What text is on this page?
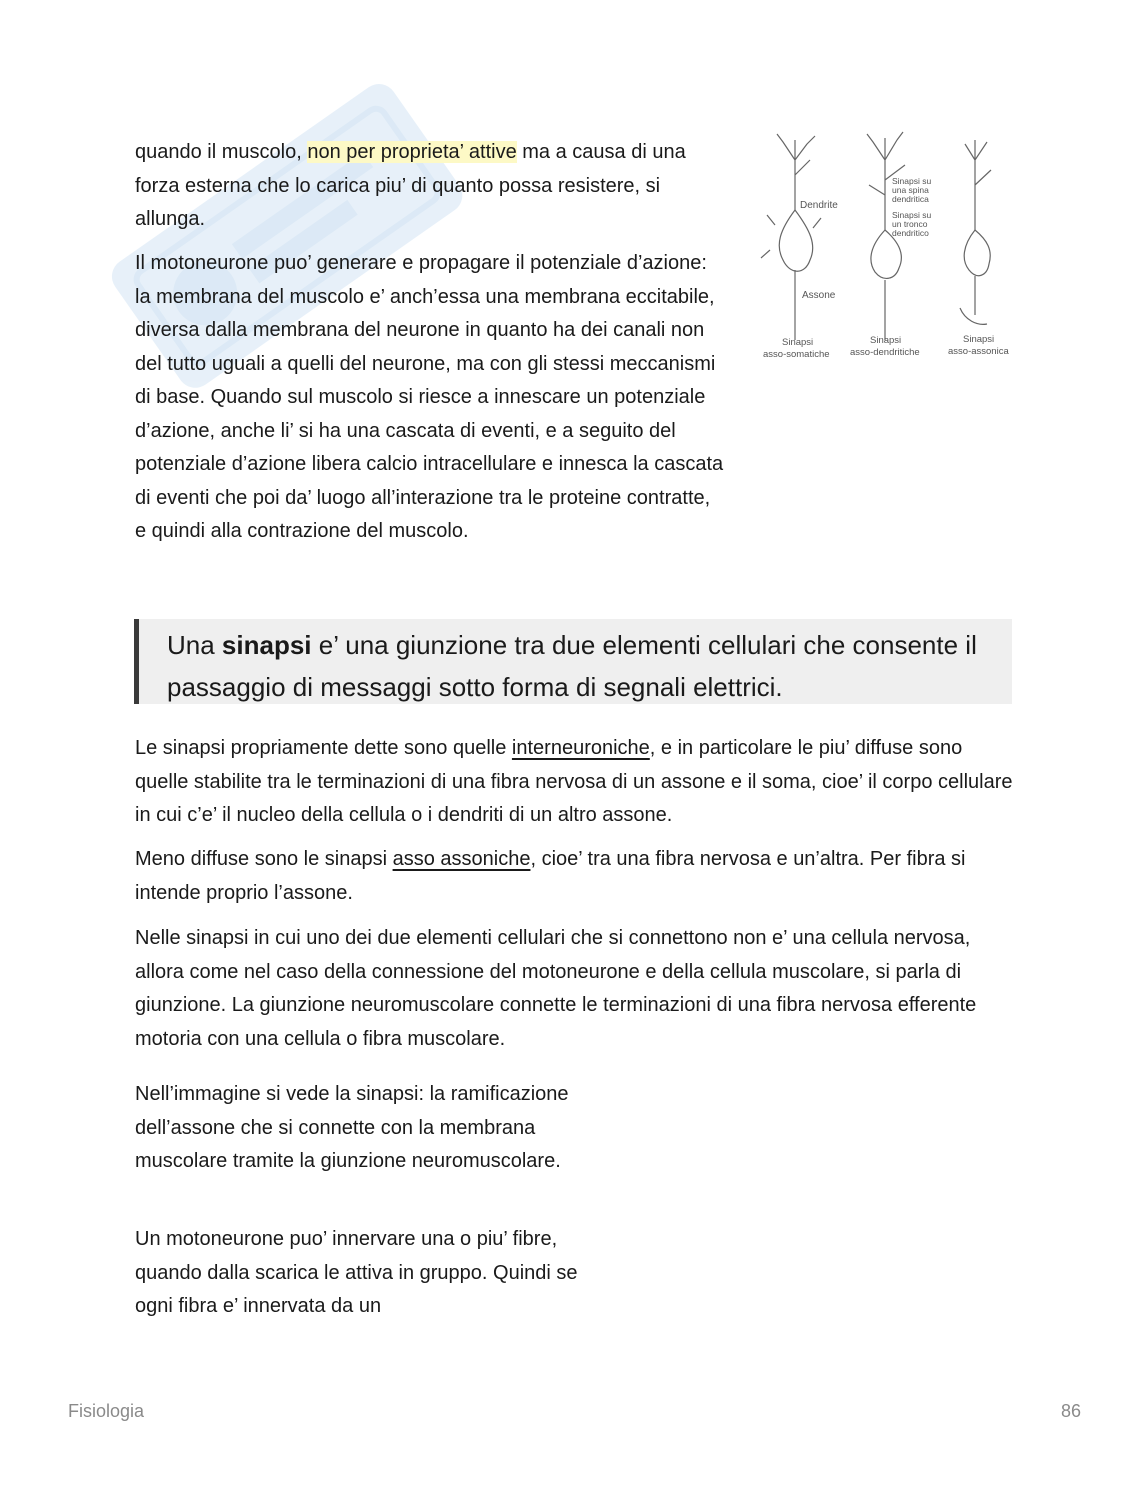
quando il muscolo, non per proprieta’ attive ma a causa di una forza esterna che lo carica piu’ di quanto possa resistere, si allunga.

Il motoneurone puo’ generare e propagare il potenziale d’azione: la membrana del muscolo e’ anch’essa una membrana eccitabile, diversa dalla membrana del neurone in quanto ha dei canali non del tutto uguali a quelli del neurone, ma con gli stessi meccanismi di base. Quando sul muscolo si riesce a innescare un potenziale d’azione, anche li’ si ha una cascata di eventi, e a seguito del potenziale d’azione libera calcio intracellulare e innesca la cascata di eventi che poi da’ luogo all’interazione tra le proteine contratte, e quindi alla contrazione del muscolo.

Dendrite
Assone
Sinapsi su
una spina
dendritica
Sinapsi su
un tronco
dendritico
Sinapsi
asso-somatiche
Sinapsi
asso-dendritiche
Sinapsi
asso-assonica
Una sinapsi e’ una giunzione tra due elementi cellulari che consente il passaggio di messaggi sotto forma di segnali elettrici.

Le sinapsi propriamente dette sono quelle interneuroniche, e in particolare le piu’ diffuse sono quelle stabilite tra le terminazioni di una fibra nervosa di un assone e il soma, cioe’ il corpo cellulare in cui c’e’ il nucleo della cellula o i dendriti di un altro assone.

Meno diffuse sono le sinapsi asso assoniche, cioe’ tra una fibra nervosa e un’altra. Per fibra si intende proprio l’assone.

Nelle sinapsi in cui uno dei due elementi cellulari che si connettono non e’ una cellula nervosa, allora come nel caso della connessione del motoneurone e della cellula muscolare, si parla di giunzione. La giunzione neuromuscolare connette le terminazioni di una fibra nervosa efferente motoria con una cellula o fibra muscolare.

Nell’immagine si vede la sinapsi: la ramificazione dell’assone che si connette con la membrana muscolare tramite la giunzione neuromuscolare.

Un motoneurone puo’ innervare una o piu’ fibre, quando dalla scarica le attiva in gruppo. Quindi se ogni fibra e’ innervata da un

Fisiologia	86
